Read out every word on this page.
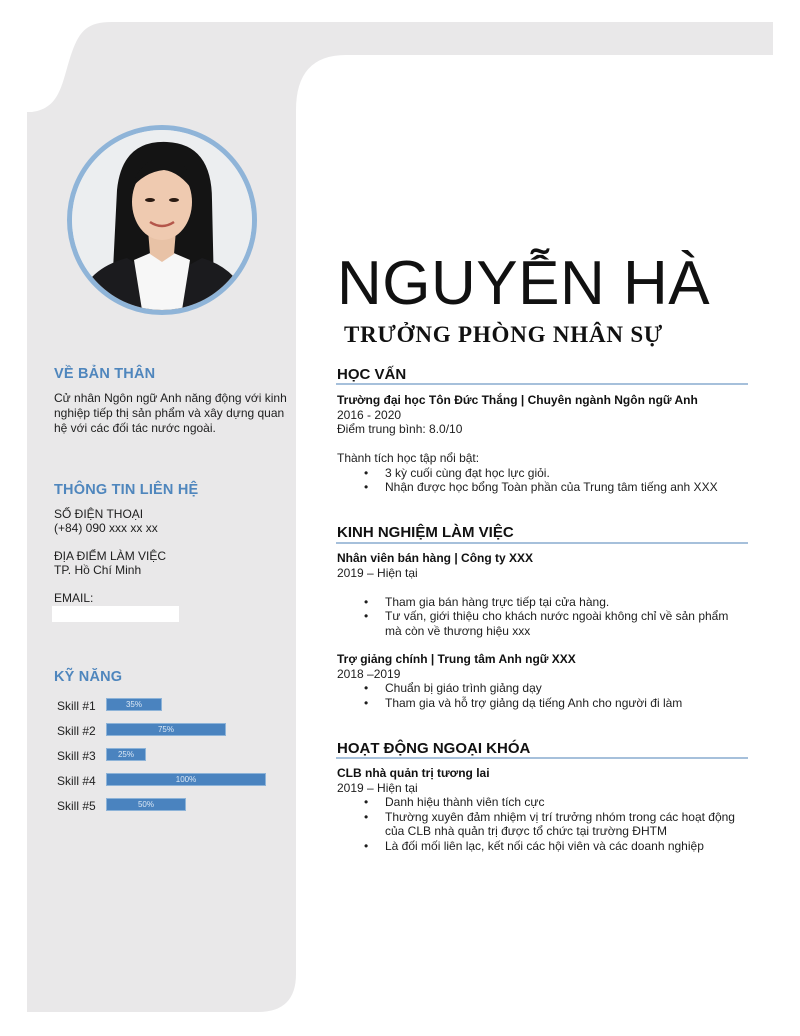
VỀ BẢN THÂN
Cử nhân Ngôn ngữ Anh năng động với kinh
nghiệp tiếp thị sản phẩm và xây dựng quan
hệ với các đối tác nước ngoài.
THÔNG TIN LIÊN HỆ
SỐ ĐIỆN THOẠI
(+84) 090 xxx xx xx
ĐỊA ĐIỂM LÀM VIỆC
TP. Hồ Chí Minh
EMAIL:
KỸ NĂNG
Skill #1	35%
Skill #2	75%
Skill #3	25%
Skill #4	100%
Skill #5	50%
NGUYỄN HÀ
TRƯỞNG PHÒNG NHÂN SỰ
HỌC VẤN
Trường đại học Tôn Đức Thắng | Chuyên ngành Ngôn ngữ Anh
2016 - 2020
Điểm trung bình: 8.0/10
Thành tích học tập nổi bật:
• 3 kỳ cuối cùng đạt học lực giỏi.
• Nhận được học bổng Toàn phần của Trung tâm tiếng anh XXX
KINH NGHIỆM LÀM VIỆC
Nhân viên bán hàng | Công ty XXX
2019 – Hiện tại
• Tham gia bán hàng trực tiếp tại cửa hàng.
• Tư vấn, giới thiệu cho khách nước ngoài không chỉ về sản phẩm mà còn về thương hiệu xxx
Trợ giảng chính | Trung tâm Anh ngữ XXX
2018 –2019
• Chuẩn bị giáo trình giảng dạy
• Tham gia và hỗ trợ giảng dạ tiếng Anh cho người đi làm
HOẠT ĐỘNG NGOẠI KHÓA
CLB nhà quản trị tương lai
2019 – Hiện tại
• Danh hiệu thành viên tích cực
• Thường xuyên đảm nhiệm vị trí trưởng nhóm trong các hoạt động của CLB nhà quản trị được tổ chức tại trường ĐHTM
• Là đối mối liên lạc, kết nối các hội viên và các doanh nghiệp
